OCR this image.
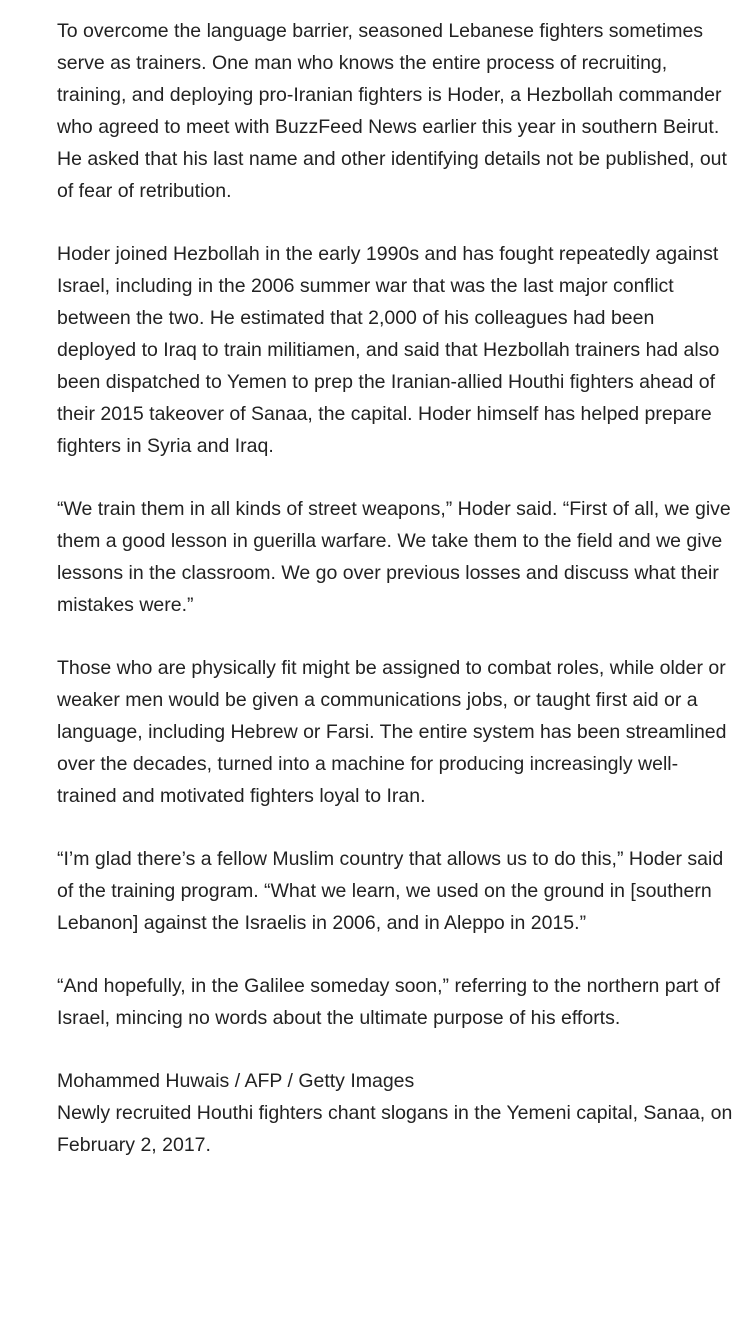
To overcome the language barrier, seasoned Lebanese fighters sometimes serve as trainers. One man who knows the entire process of recruiting, training, and deploying pro-Iranian fighters is Hoder, a Hezbollah commander who agreed to meet with BuzzFeed News earlier this year in southern Beirut. He asked that his last name and other identifying details not be published, out of fear of retribution.

Hoder joined Hezbollah in the early 1990s and has fought repeatedly against Israel, including in the 2006 summer war that was the last major conflict between the two. He estimated that 2,000 of his colleagues had been deployed to Iraq to train militiamen, and said that Hezbollah trainers had also been dispatched to Yemen to prep the Iranian-allied Houthi fighters ahead of their 2015 takeover of Sanaa, the capital. Hoder himself has helped prepare fighters in Syria and Iraq.

“We train them in all kinds of street weapons,” Hoder said. “First of all, we give them a good lesson in guerilla warfare. We take them to the field and we give lessons in the classroom. We go over previous losses and discuss what their mistakes were.”

Those who are physically fit might be assigned to combat roles, while older or weaker men would be given a communications jobs, or taught first aid or a language, including Hebrew or Farsi. The entire system has been streamlined over the decades, turned into a machine for producing increasingly well-trained and motivated fighters loyal to Iran.

“I’m glad there’s a fellow Muslim country that allows us to do this,” Hoder said of the training program. “What we learn, we used on the ground in [southern Lebanon] against the Israelis in 2006, and in Aleppo in 2015.”

“And hopefully, in the Galilee someday soon,” referring to the northern part of Israel, mincing no words about the ultimate purpose of his efforts.

Mohammed Huwais / AFP / Getty Images
Newly recruited Houthi fighters chant slogans in the Yemeni capital, Sanaa, on February 2, 2017.
